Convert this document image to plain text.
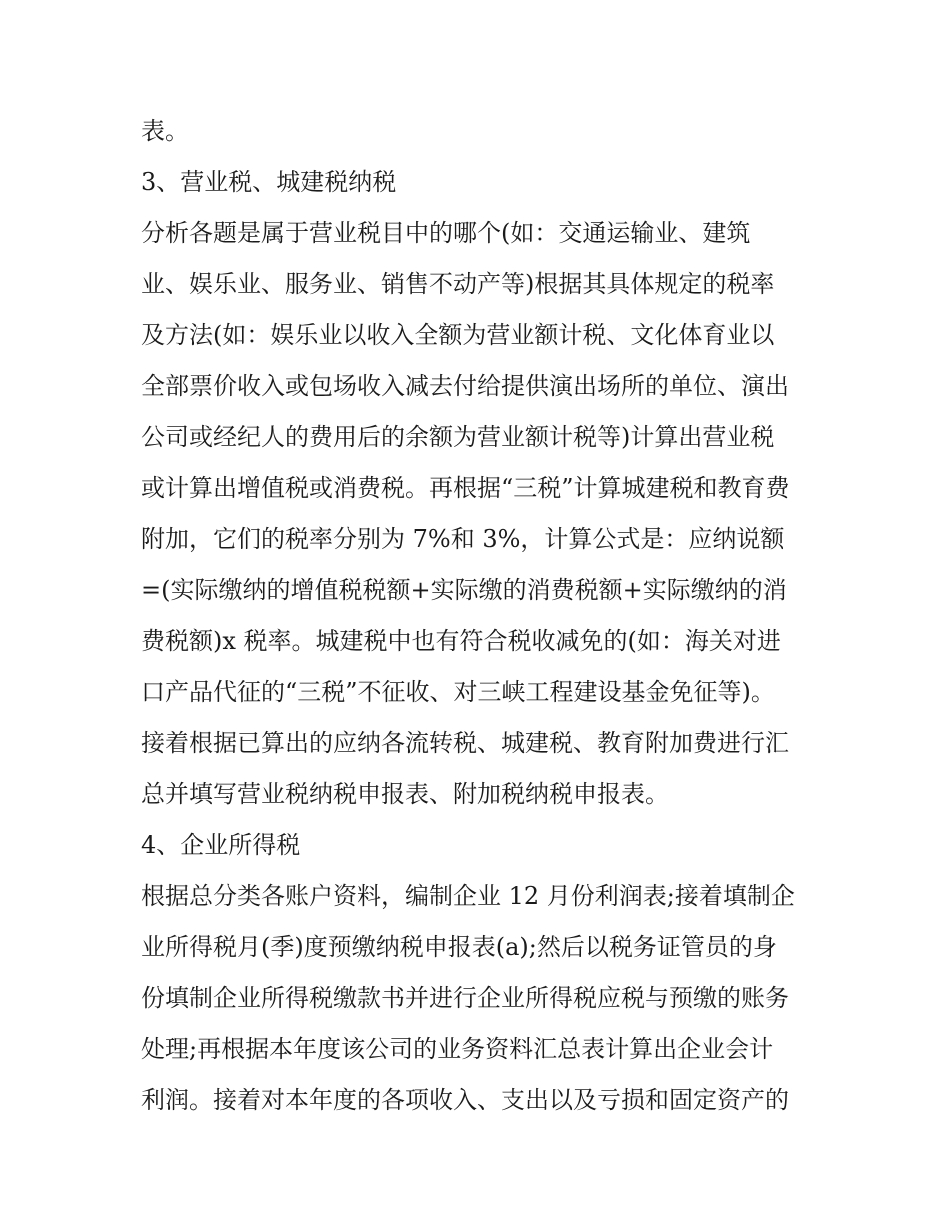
表。
3、营业税、城建税纳税
分析各题是属于营业税目中的哪个(如：交通运输业、建筑
业、娱乐业、服务业、销售不动产等)根据其具体规定的税率
及方法(如：娱乐业以收入全额为营业额计税、文化体育业以
全部票价收入或包场收入减去付给提供演出场所的单位、演出
公司或经纪人的费用后的余额为营业额计税等)计算出营业税
或计算出增值税或消费税。再根据“三税”计算城建税和教育费
附加，它们的税率分别为 7%和 3%，计算公式是：应纳说额
=(实际缴纳的增值税税额+实际缴的消费税额+实际缴纳的消
费税额)x 税率。城建税中也有符合税收减免的(如：海关对进
口产品代征的“三税”不征收、对三峡工程建设基金免征等)。
接着根据已算出的应纳各流转税、城建税、教育附加费进行汇
总并填写营业税纳税申报表、附加税纳税申报表。
4、企业所得税
根据总分类各账户资料，编制企业 12 月份利润表;接着填制企
业所得税月(季)度预缴纳税申报表(a);然后以税务证管员的身
份填制企业所得税缴款书并进行企业所得税应税与预缴的账务
处理;再根据本年度该公司的业务资料汇总表计算出企业会计
利润。接着对本年度的各项收入、支出以及亏损和固定资产的
